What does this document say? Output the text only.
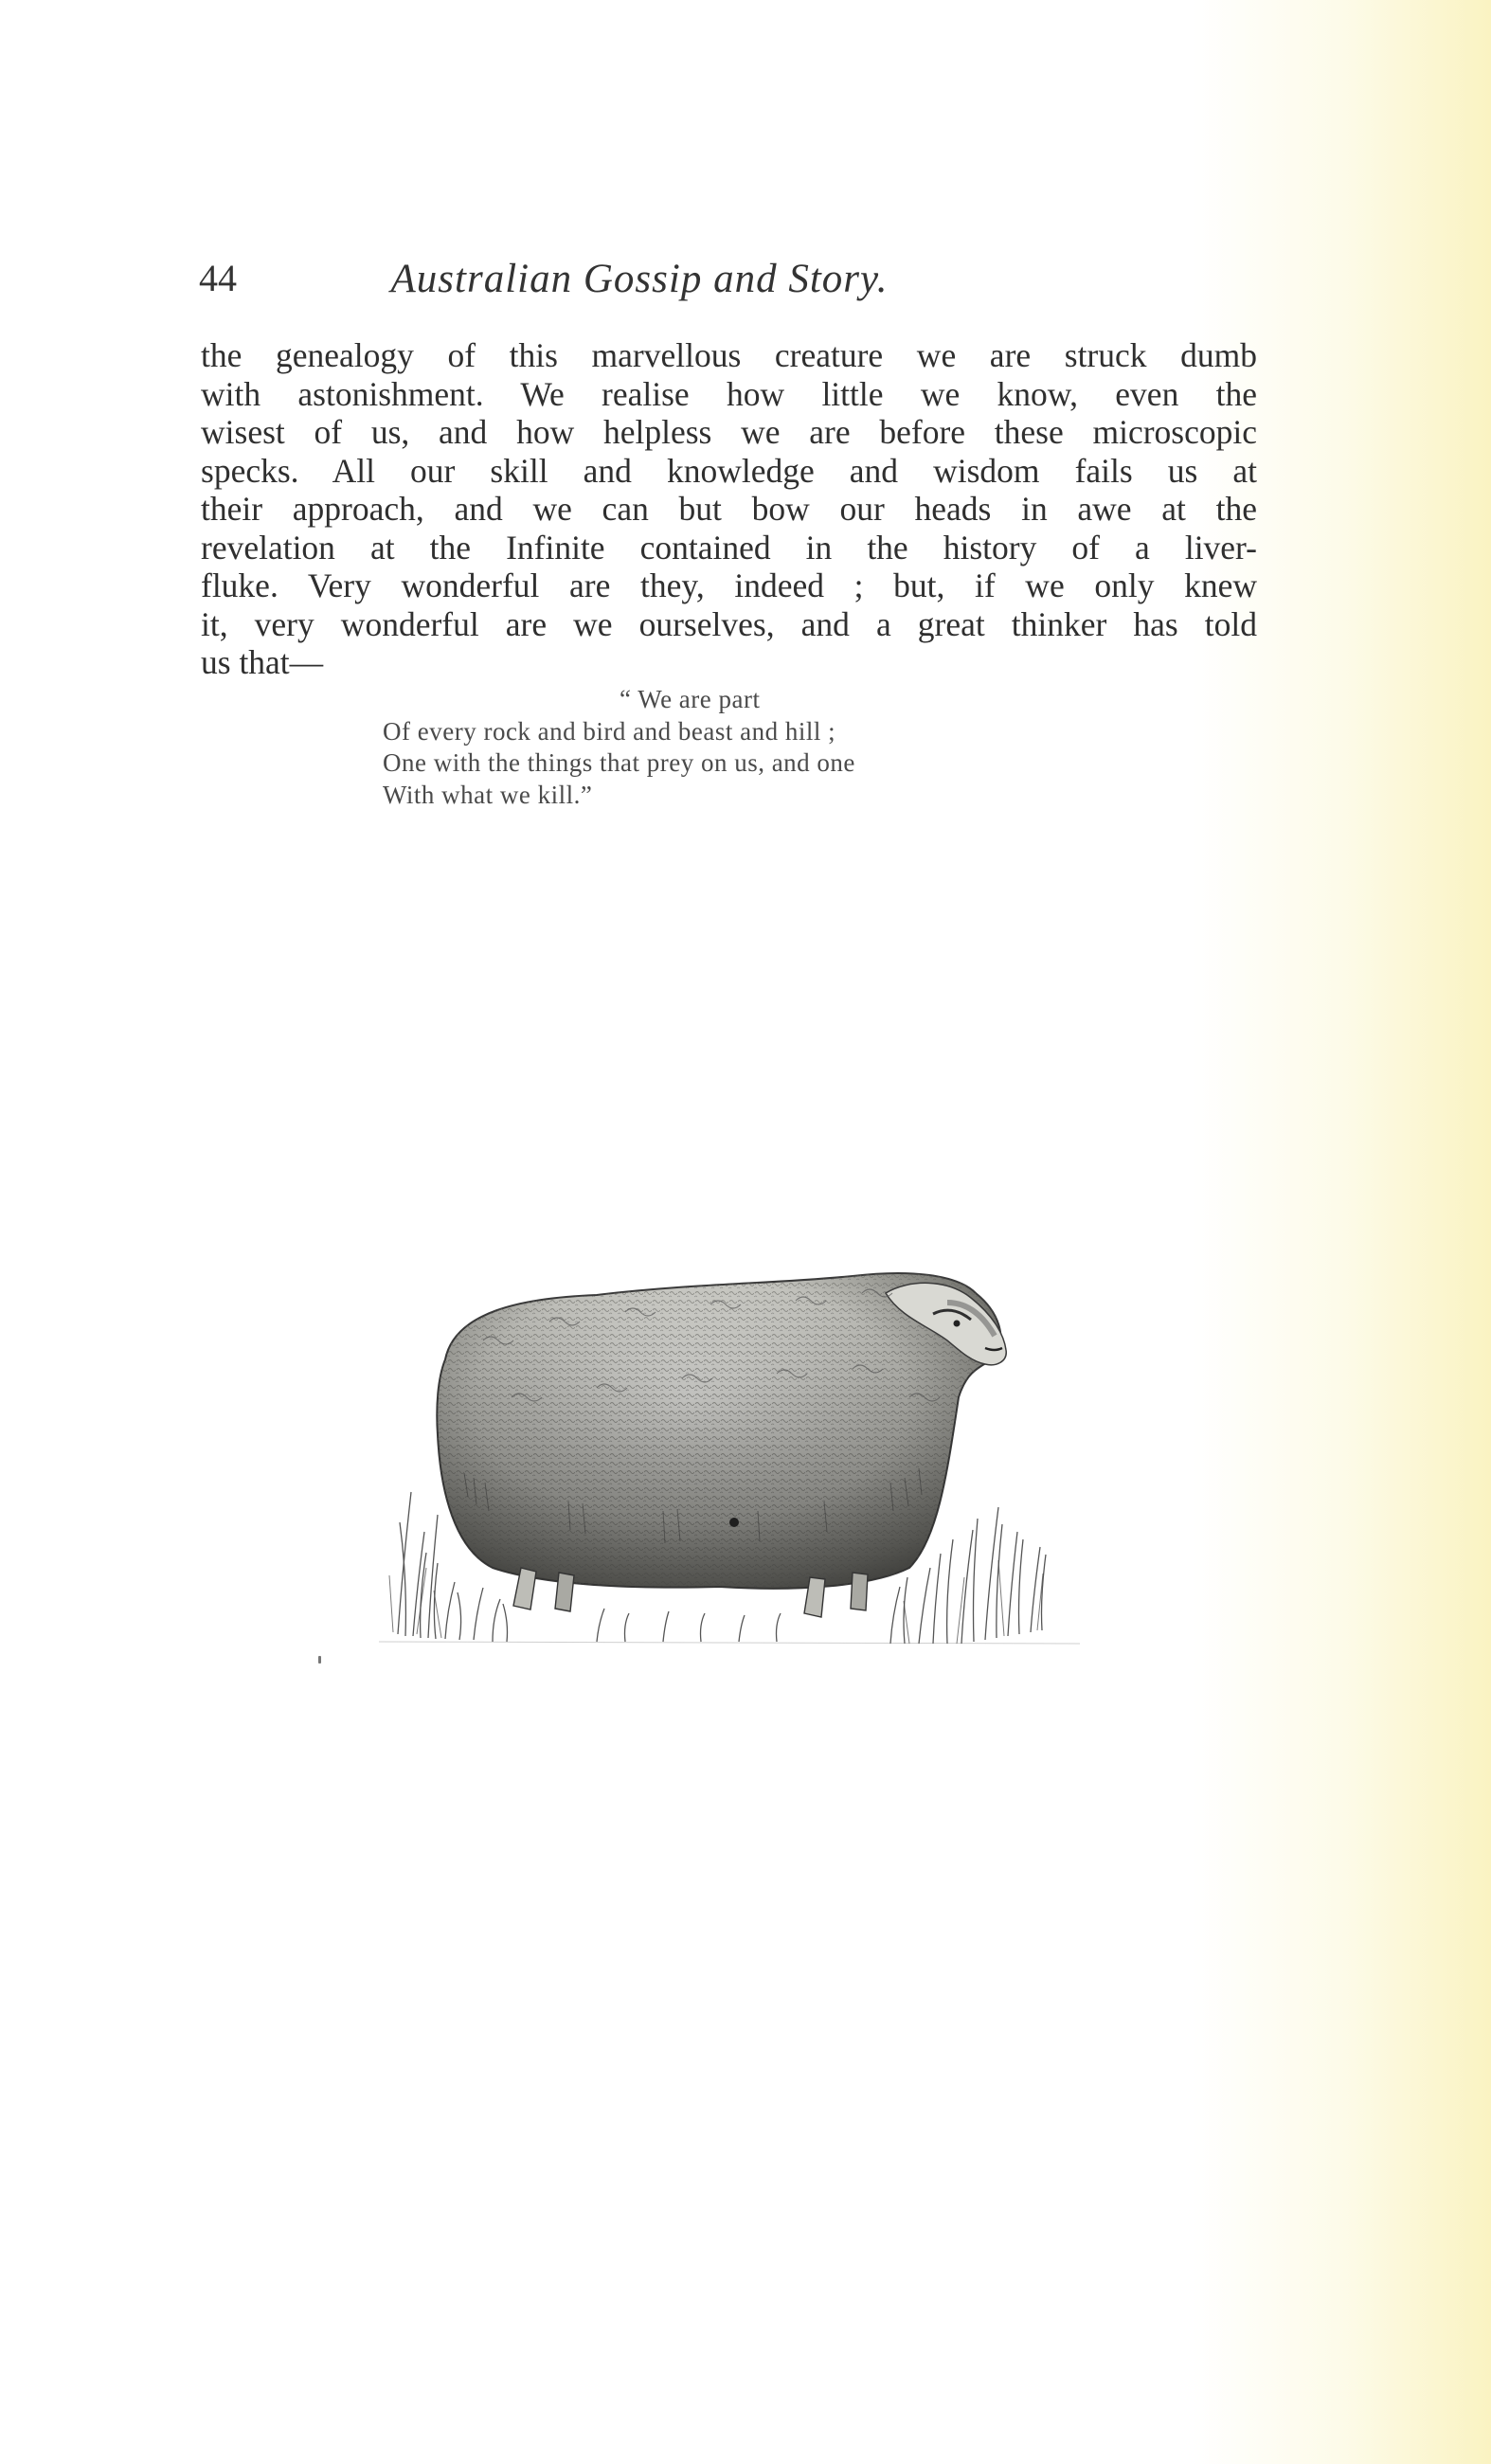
44	Australian Gossip and Story.
the genealogy of this marvellous creature we are struck dumb
with astonishment. We realise how little we know, even the
wisest of us, and how helpless we are before these microscopic
specks. All our skill and knowledge and wisdom fails us at
their approach, and we can but bow our heads in awe at the
revelation at the Infinite contained in the history of a liver-
fluke. Very wonderful are they, indeed ; but, if we only knew
it, very wonderful are we ourselves, and a great thinker has told
us that—
“ We are part
Of every rock and bird and beast and hill ;
One with the things that prey on us, and one
With what we kill.”
